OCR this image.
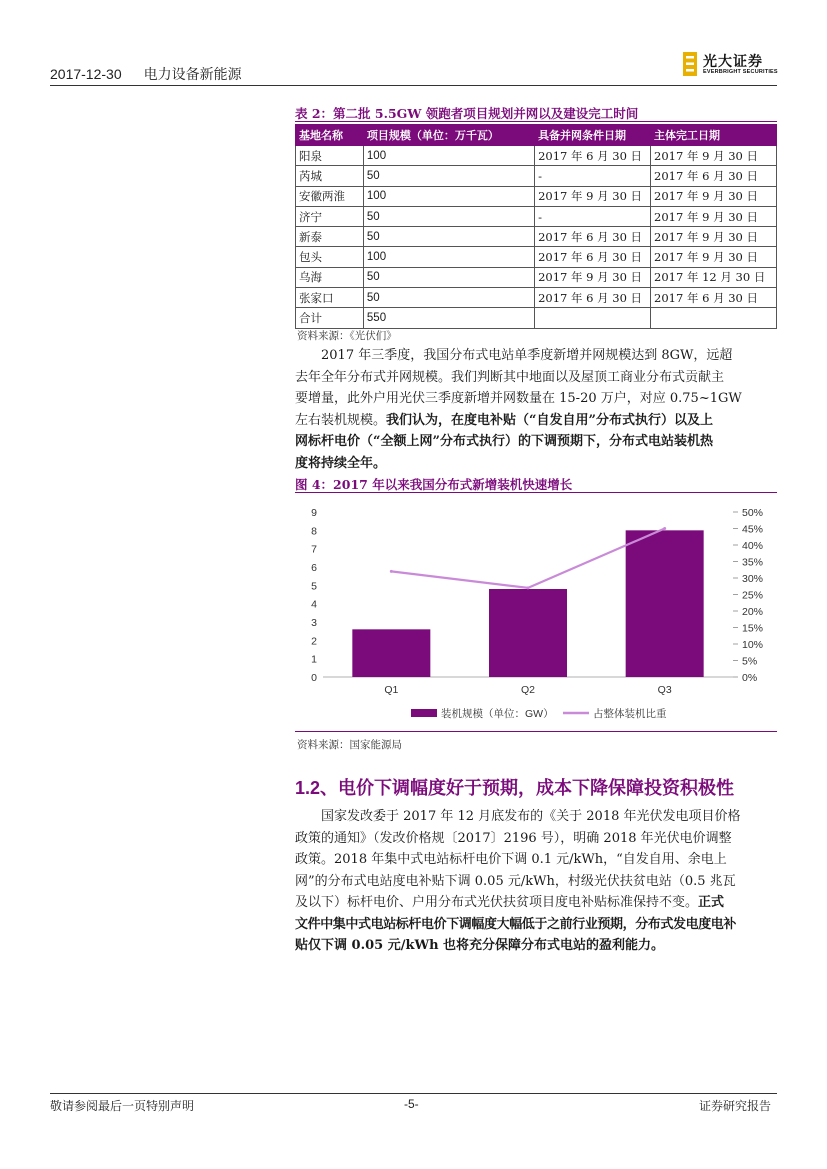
2017-12-30 电力设备新能源
光大证券
EVERBRIGHT SECURITIES
表 2：第二批 5.5GW 领跑者项目规划并网以及建设完工时间
基地名称	项目规模（单位：万千瓦）	具备并网条件日期	主体完工日期
阳泉	100	2017 年 6 月 30 日	2017 年 9 月 30 日
芮城	50	-	2017 年 6 月 30 日
安徽两淮	100	2017 年 9 月 30 日	2017 年 9 月 30 日
济宁	50	-	2017 年 9 月 30 日
新泰	50	2017 年 6 月 30 日	2017 年 9 月 30 日
包头	100	2017 年 6 月 30 日	2017 年 9 月 30 日
乌海	50	2017 年 9 月 30 日	2017 年 12 月 30 日
张家口	50	2017 年 6 月 30 日	2017 年 6 月 30 日
合计	550		
资料来源：《光伏们》
2017 年三季度，我国分布式电站单季度新增并网规模达到 8GW，远超
去年全年分布式并网规模。我们判断其中地面以及屋顶工商业分布式贡献主
要增量，此外户用光伏三季度新增并网数量在 15-20 万户，对应 0.75~1GW
左右装机规模。我们认为，在度电补贴（“自发自用”分布式执行）以及上
网标杆电价（“全额上网”分布式执行）的下调预期下，分布式电站装机热
度将持续全年。
图 4：2017 年以来我国分布式新增装机快速增长
0
1
2
3
4
5
6
7
8
9
0%
5%
10%
15%
20%
25%
30%
35%
40%
45%
50%
Q1	Q2	Q3
装机规模（单位：GW）	占整体装机比重
资料来源：国家能源局
1.2、电价下调幅度好于预期，成本下降保障投资积极性
国家发改委于 2017 年 12 月底发布的《关于 2018 年光伏发电项目价格
政策的通知》（发改价格规〔2017〕2196 号），明确 2018 年光伏电价调整
政策。2018 年集中式电站标杆电价下调 0.1 元/kWh，“自发自用、余电上
网”的分布式电站度电补贴下调 0.05 元/kWh，村级光伏扶贫电站（0.5 兆瓦
及以下）标杆电价、户用分布式光伏扶贫项目度电补贴标准保持不变。正式
文件中集中式电站标杆电价下调幅度大幅低于之前行业预期，分布式发电度电补
贴仅下调 0.05 元/kWh 也将充分保障分布式电站的盈利能力。
敬请参阅最后一页特别声明	-5-	证券研究报告
